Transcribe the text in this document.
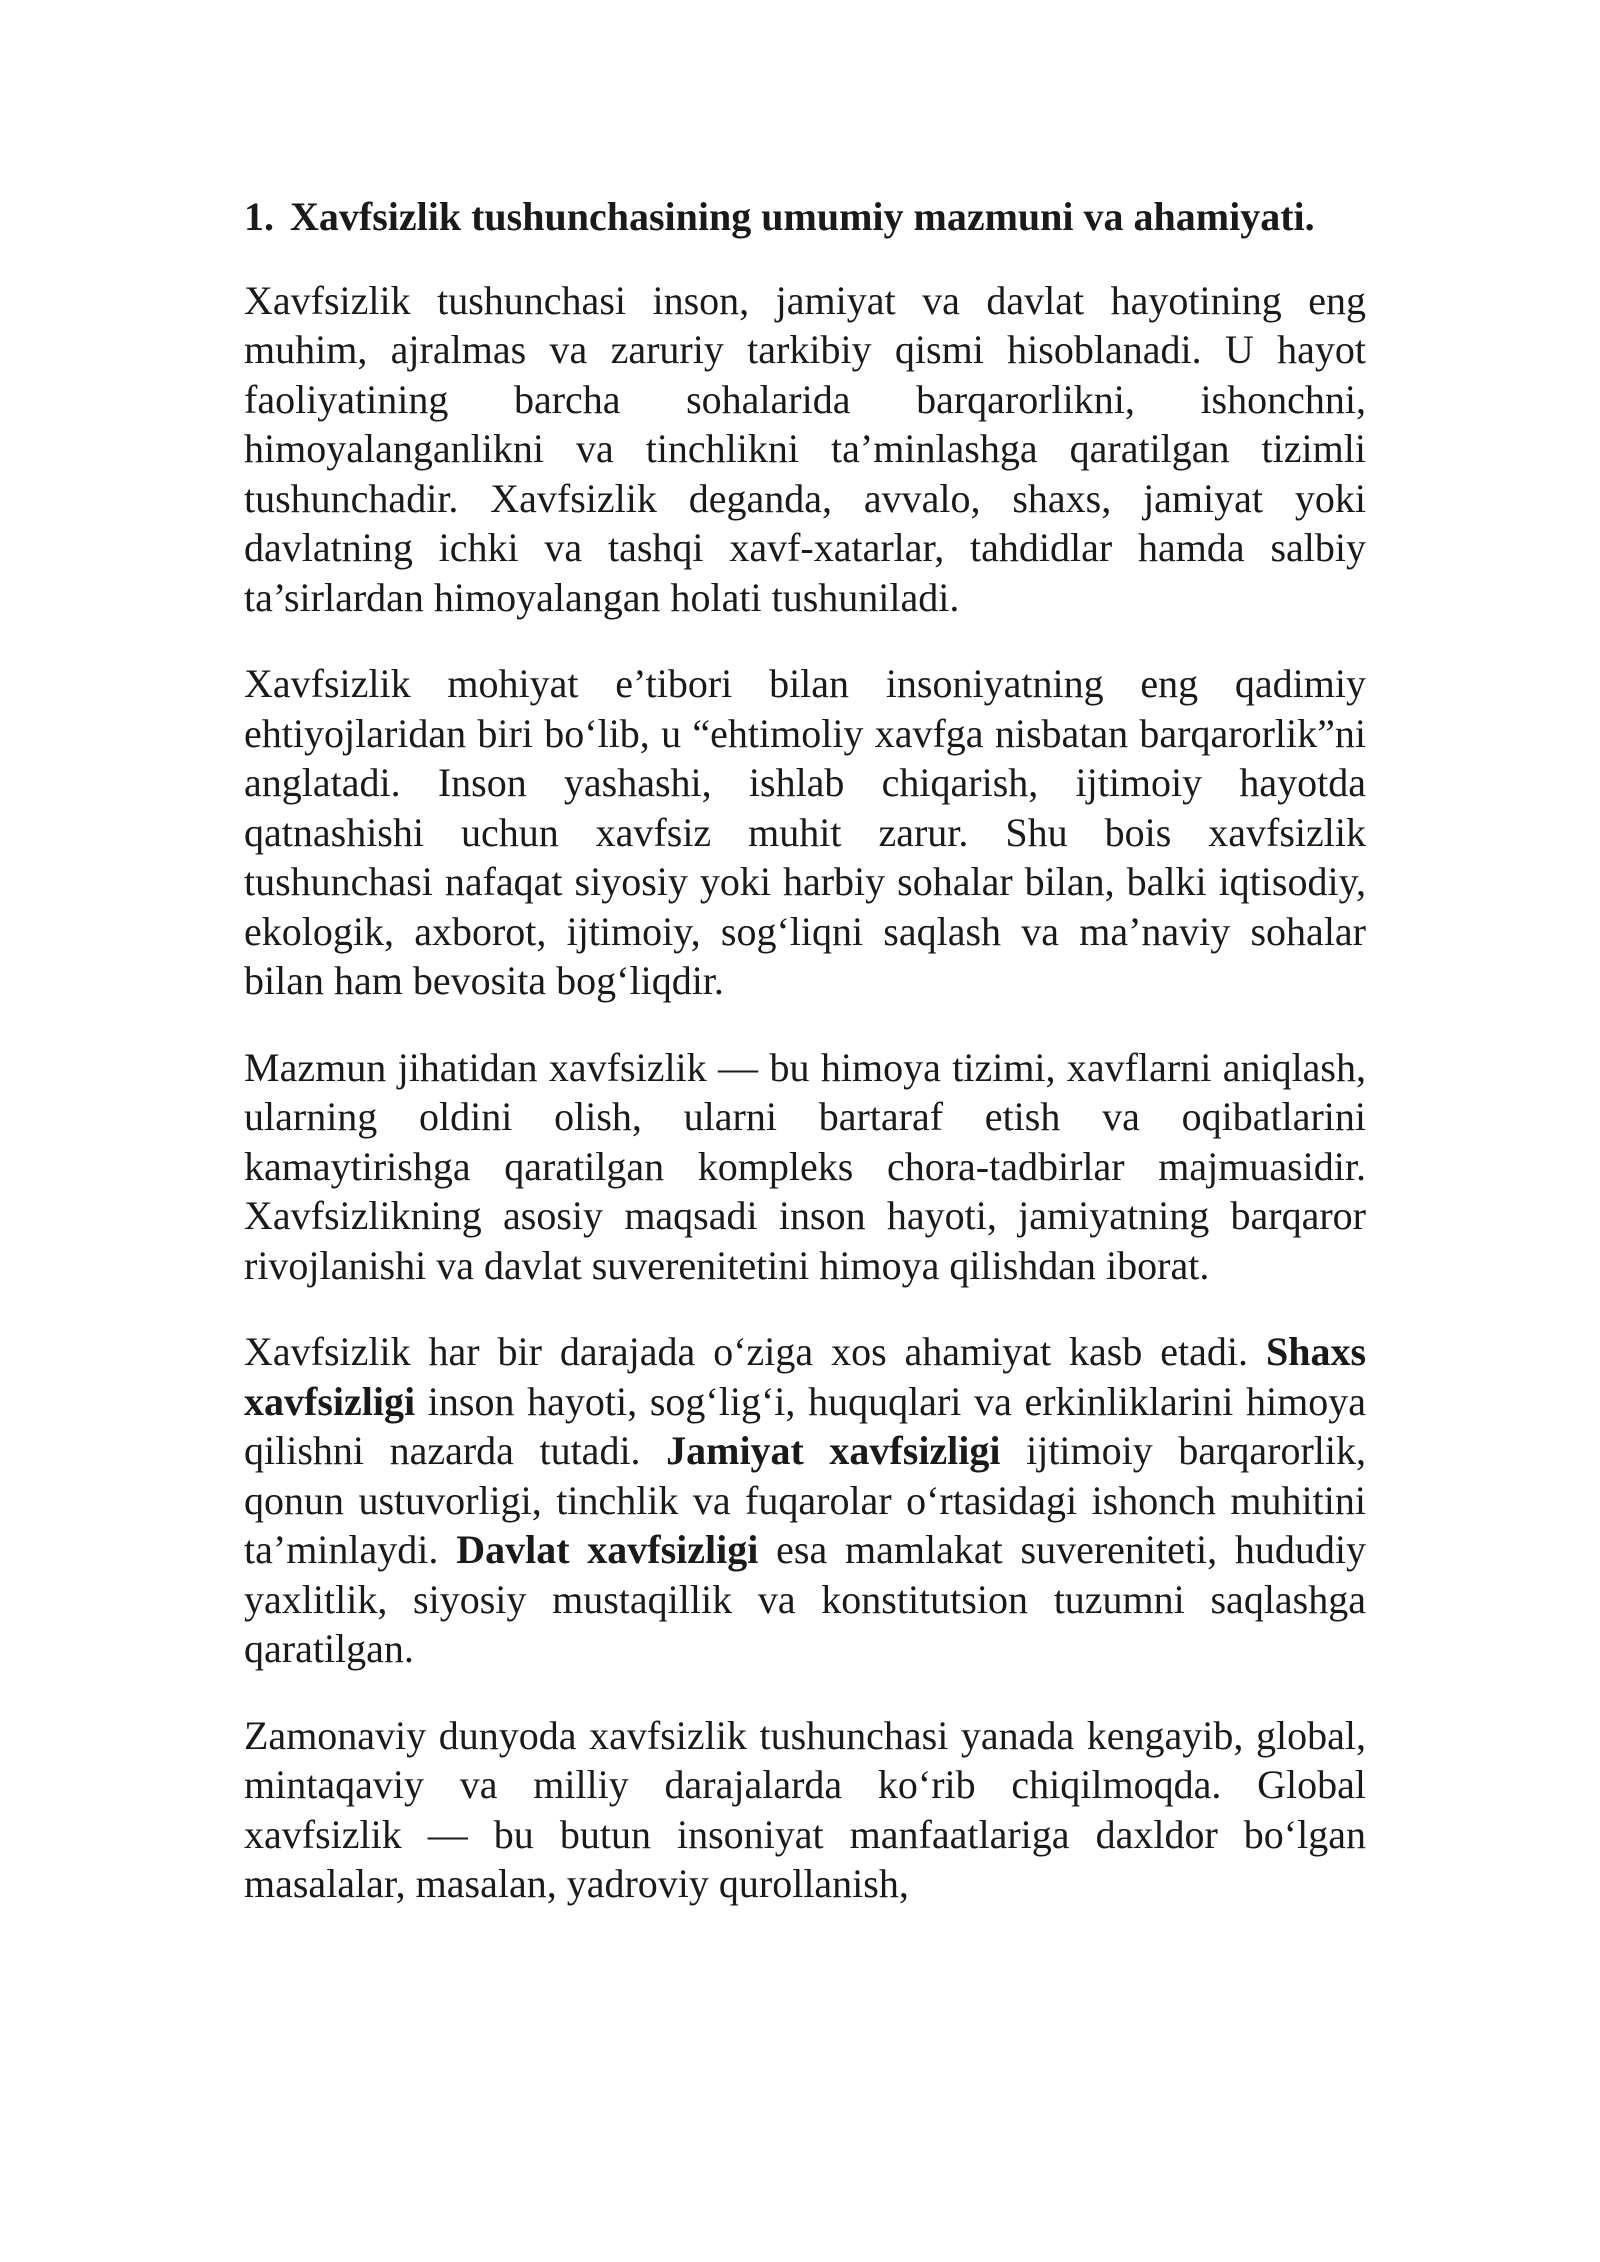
1. Xavfsizlik tushunchasining umumiy mazmuni va ahamiyati.

Xavfsizlik tushunchasi inson, jamiyat va davlat hayotining eng muhim, ajralmas va zaruriy tarkibiy qismi hisoblanadi. U hayot faoliyatining barcha sohalarida barqarorlikni, ishonchni, himoyalanganlikni va tinchlikni ta’minlashga qaratilgan tizimli tushunchadir. Xavfsizlik deganda, avvalo, shaxs, jamiyat yoki davlatning ichki va tashqi xavf-xatarlar, tahdidlar hamda salbiy ta’sirlardan himoyalangan holati tushuniladi.

Xavfsizlik mohiyat e’tibori bilan insoniyatning eng qadimiy ehtiyojlaridan biri bo‘lib, u “ehtimoliy xavfga nisbatan barqarorlik”ni anglatadi. Inson yashashi, ishlab chiqarish, ijtimoiy hayotda qatnashishi uchun xavfsiz muhit zarur. Shu bois xavfsizlik tushunchasi nafaqat siyosiy yoki harbiy sohalar bilan, balki iqtisodiy, ekologik, axborot, ijtimoiy, sog‘liqni saqlash va ma’naviy sohalar bilan ham bevosita bog‘liqdir.

Mazmun jihatidan xavfsizlik — bu himoya tizimi, xavflarni aniqlash, ularning oldini olish, ularni bartaraf etish va oqibatlarini kamaytirishga qaratilgan kompleks chora-tadbirlar majmuasidir. Xavfsizlikning asosiy maqsadi inson hayoti, jamiyatning barqaror rivojlanishi va davlat suverenitetini himoya qilishdan iborat.

Xavfsizlik har bir darajada o‘ziga xos ahamiyat kasb etadi. Shaxs xavfsizligi inson hayoti, sog‘lig‘i, huquqlari va erkinliklarini himoya qilishni nazarda tutadi. Jamiyat xavfsizligi ijtimoiy barqarorlik, qonun ustuvorligi, tinchlik va fuqarolar o‘rtasidagi ishonch muhitini ta’minlaydi. Davlat xavfsizligi esa mamlakat suvereniteti, hududiy yaxlitlik, siyosiy mustaqillik va konstitutsion tuzumni saqlashga qaratilgan.

Zamonaviy dunyoda xavfsizlik tushunchasi yanada kengayib, global, mintaqaviy va milliy darajalarda ko‘rib chiqilmoqda. Global xavfsizlik — bu butun insoniyat manfaatlariga daxldor bo‘lgan masalalar, masalan, yadroviy qurollanish,
